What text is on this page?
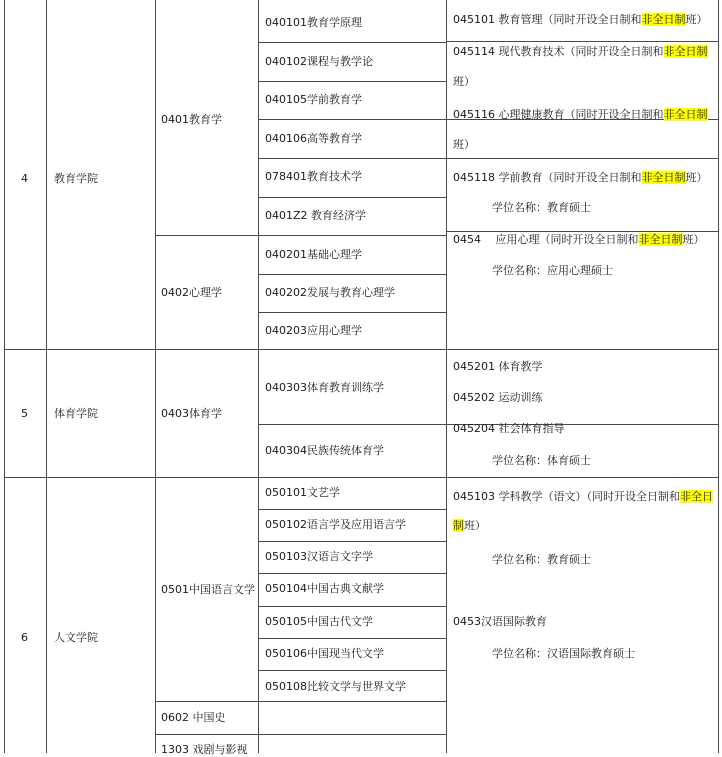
4 教育学院
0401教育学
0402心理学
040101教育学原理
040102课程与教学论
040105学前教育学
040106高等教育学
078401教育技术学
0401Z2 教育经济学
040201基础心理学
040202发展与教育心理学
040203应用心理学
045101 教育管理（同时开设全日制和非全日制班）
045114 现代教育技术（同时开设全日制和非全日制
班）
045116 心理健康教育（同时开设全日制和非全日制
班）
045118 学前教育（同时开设全日制和非全日制班）
学位名称：教育硕士
0454　 应用心理（同时开设全日制和非全日制班）
学位名称：应用心理硕士
5 体育学院	0403体育学
040303体育教育训练学
040304民族传统体育学
045201 体育教学
045202 运动训练
045204 社会体育指导
学位名称：体育硕士
6 人文学院
0501中国语言文学
0602 中国史
1303 戏剧与影视
050101文艺学
050102语言学及应用语言学
050103汉语言文字学
050104中国古典文献学
050105中国古代文学
050106中国现当代文学
050108比较文学与世界文学
045103 学科教学（语文）（同时开设全日制和非全日
制班）
学位名称：教育硕士
0453汉语国际教育
学位名称：汉语国际教育硕士
